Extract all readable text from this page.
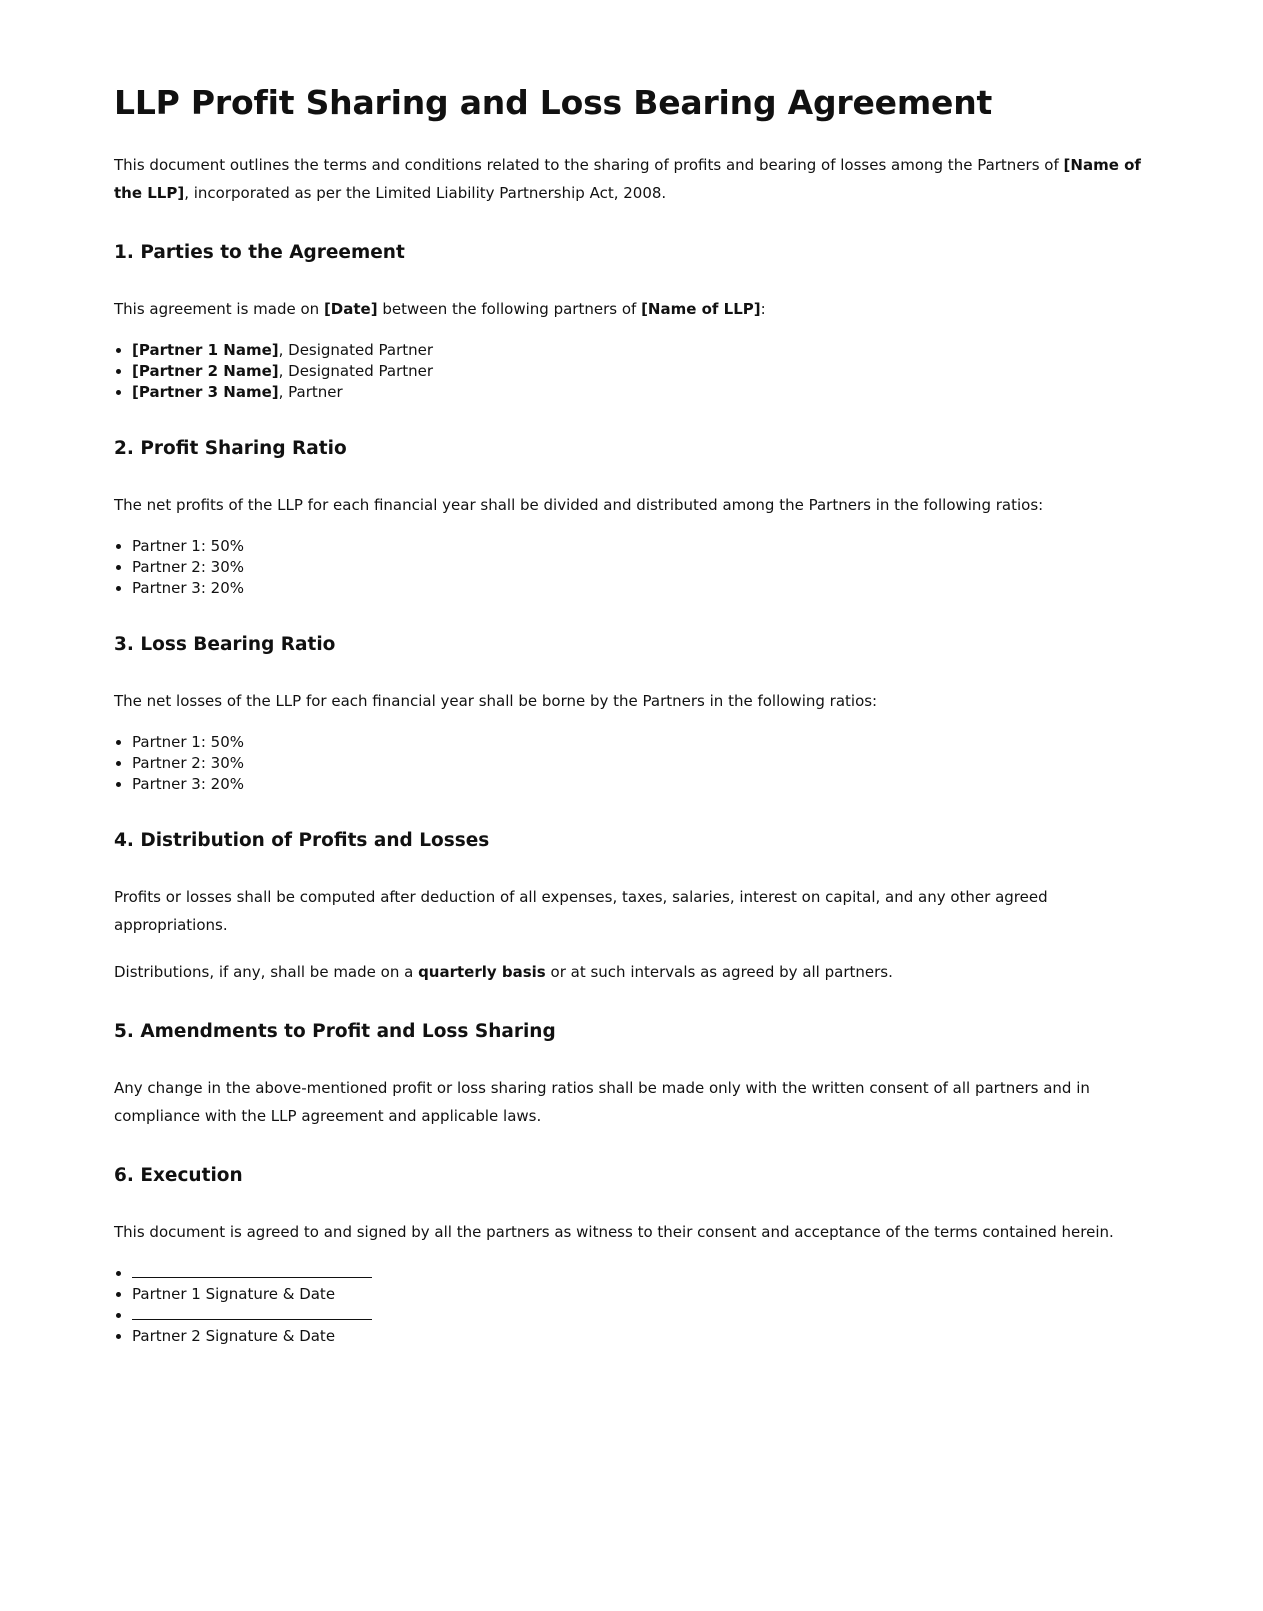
LLP Profit Sharing and Loss Bearing Agreement

This document outlines the terms and conditions related to the sharing of profits and bearing of losses among the Partners of [Name of the LLP], incorporated as per the Limited Liability Partnership Act, 2008.

1. Parties to the Agreement

This agreement is made on [Date] between the following partners of [Name of LLP]:

• [Partner 1 Name], Designated Partner
• [Partner 2 Name], Designated Partner
• [Partner 3 Name], Partner
2. Profit Sharing Ratio

The net profits of the LLP for each financial year shall be divided and distributed among the Partners in the following ratios:

• Partner 1: 50%
• Partner 2: 30%
• Partner 3: 20%
3. Loss Bearing Ratio

The net losses of the LLP for each financial year shall be borne by the Partners in the following ratios:

• Partner 1: 50%
• Partner 2: 30%
• Partner 3: 20%
4. Distribution of Profits and Losses

Profits or losses shall be computed after deduction of all expenses, taxes, salaries, interest on capital, and any other agreed appropriations.

Distributions, if any, shall be made on a quarterly basis or at such intervals as agreed by all partners.

5. Amendments to Profit and Loss Sharing

Any change in the above-mentioned profit or loss sharing ratios shall be made only with the written consent of all partners and in compliance with the LLP agreement and applicable laws.

6. Execution

This document is agreed to and signed by all the partners as witness to their consent and acceptance of the terms contained herein.

•
• Partner 1 Signature & Date
•
• Partner 2 Signature & Date
